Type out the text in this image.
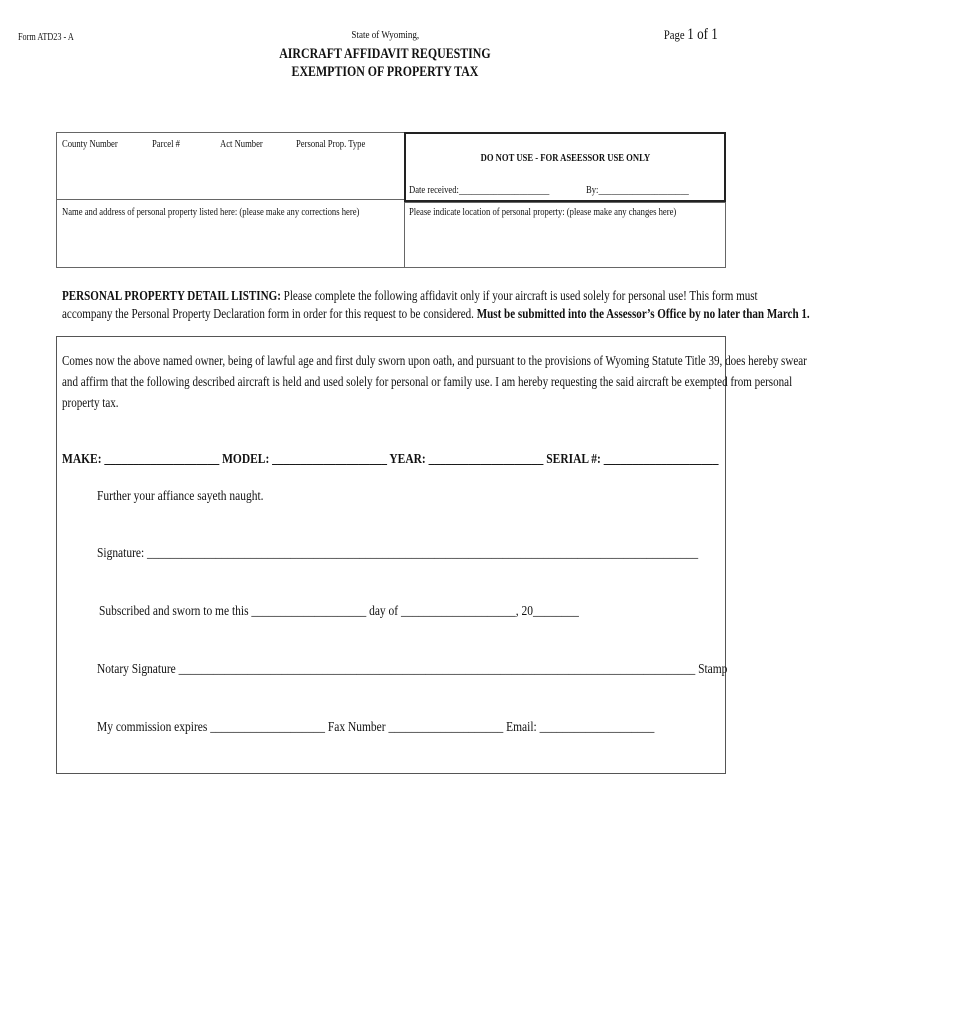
Form ATD23 - A	State of Wyoming,	Page 1 of 1
AIRCRAFT AFFIDAVIT REQUESTING
EXEMPTION OF PROPERTY TAX
County Number	Parcel #	Act Number	Personal Prop. Type
DO NOT USE - FOR ASEESSOR USE ONLY
Date received:_____________________	By:_____________________
Name and address of personal property listed here: (please make any corrections here)	Please indicate location of personal property: (please make any changes here)
PERSONAL PROPERTY DETAIL LISTING: Please complete the following affidavit only if your aircraft is used solely for personal use! This form must
accompany the Personal Property Declaration form in order for this request to be considered. Must be submitted into the Assessor’s Office by no later than March 1.
Comes now the above named owner, being of lawful age and first duly sworn upon oath, and pursuant to the provisions of Wyoming Statute Title 39, does hereby swear
and affirm that the following described aircraft is held and used solely for personal or family use. I am hereby requesting the said aircraft be exempted from personal
property tax.
MAKE: ____________________ MODEL: ____________________ YEAR: ____________________ SERIAL #: ____________________
Further your affiance sayeth naught.
Signature: ________________________________________________________________________________________________
Subscribed and sworn to me this ____________________ day of ____________________, 20________
Notary Signature __________________________________________________________________________________________ Stamp
My commission expires ____________________ Fax Number ____________________ Email: ____________________
